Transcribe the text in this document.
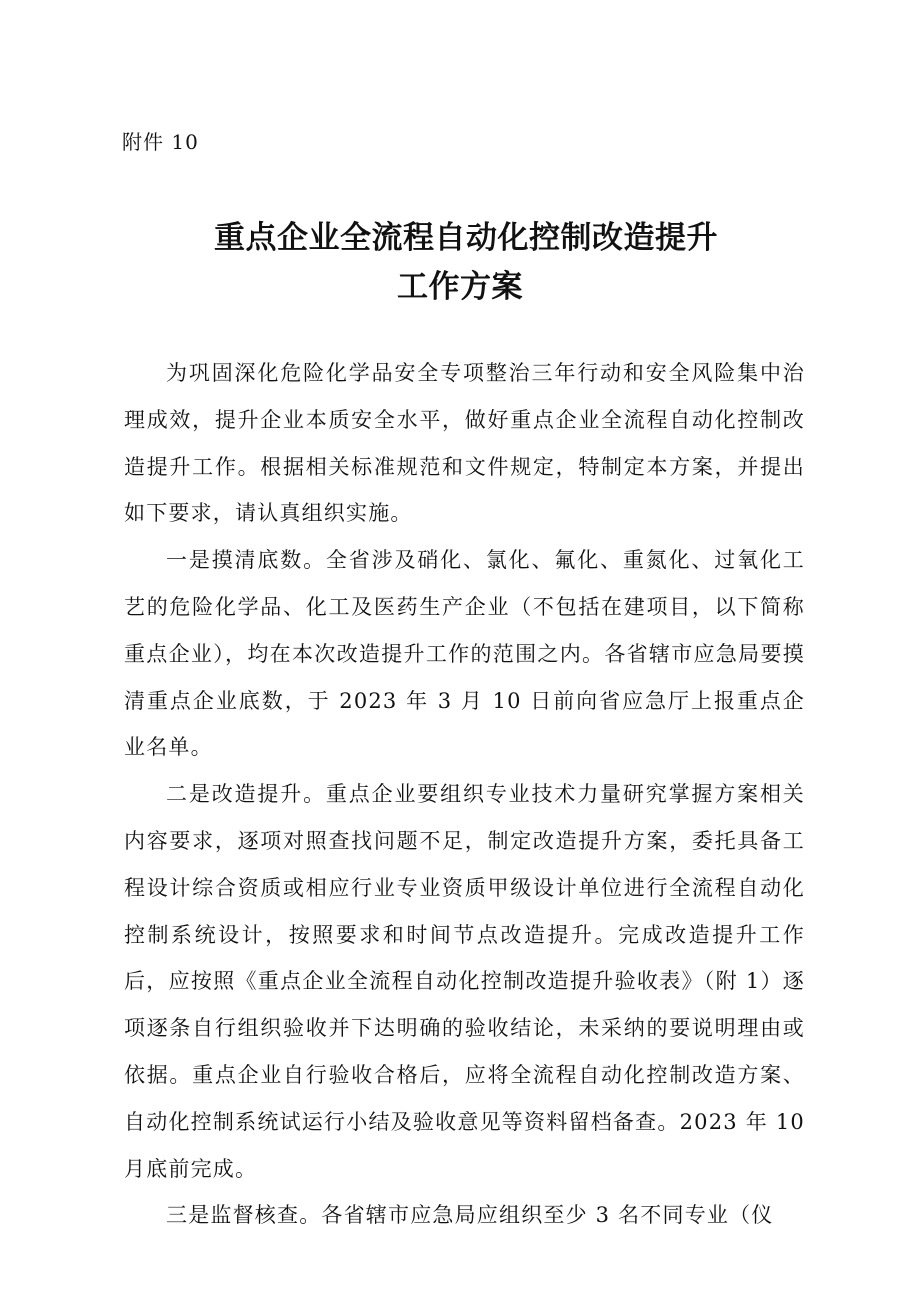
附件 10

重点企业全流程自动化控制改造提升
工作方案

为巩固深化危险化学品安全专项整治三年行动和安全风险集中治理成效，提升企业本质安全水平，做好重点企业全流程自动化控制改造提升工作。根据相关标准规范和文件规定，特制定本方案，并提出如下要求，请认真组织实施。

一是摸清底数。全省涉及硝化、氯化、氟化、重氮化、过氧化工艺的危险化学品、化工及医药生产企业（不包括在建项目，以下简称重点企业），均在本次改造提升工作的范围之内。各省辖市应急局要摸清重点企业底数，于 2023 年 3 月 10 日前向省应急厅上报重点企业名单。

二是改造提升。重点企业要组织专业技术力量研究掌握方案相关内容要求，逐项对照查找问题不足，制定改造提升方案，委托具备工程设计综合资质或相应行业专业资质甲级设计单位进行全流程自动化控制系统设计，按照要求和时间节点改造提升。完成改造提升工作后，应按照《重点企业全流程自动化控制改造提升验收表》（附 1）逐项逐条自行组织验收并下达明确的验收结论，未采纳的要说明理由或依据。重点企业自行验收合格后，应将全流程自动化控制改造方案、自动化控制系统试运行小结及验收意见等资料留档备查。2023 年 10 月底前完成。

三是监督核查。各省辖市应急局应组织至少 3 名不同专业（仪
